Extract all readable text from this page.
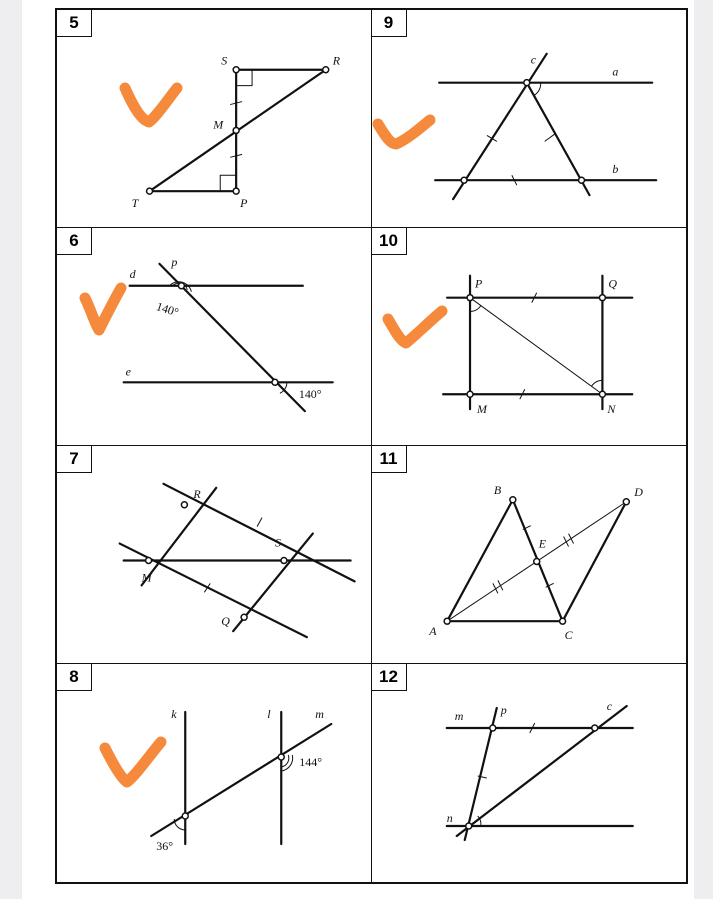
5
S	R
M
T	P
9
c
a
b
6
d
p
e
140°
140°
10
P	Q
M	N
7
R
S
M
Q
11
B	D
E
A	C
8
k	l	m
144°
36°
12
m	p	c
n
